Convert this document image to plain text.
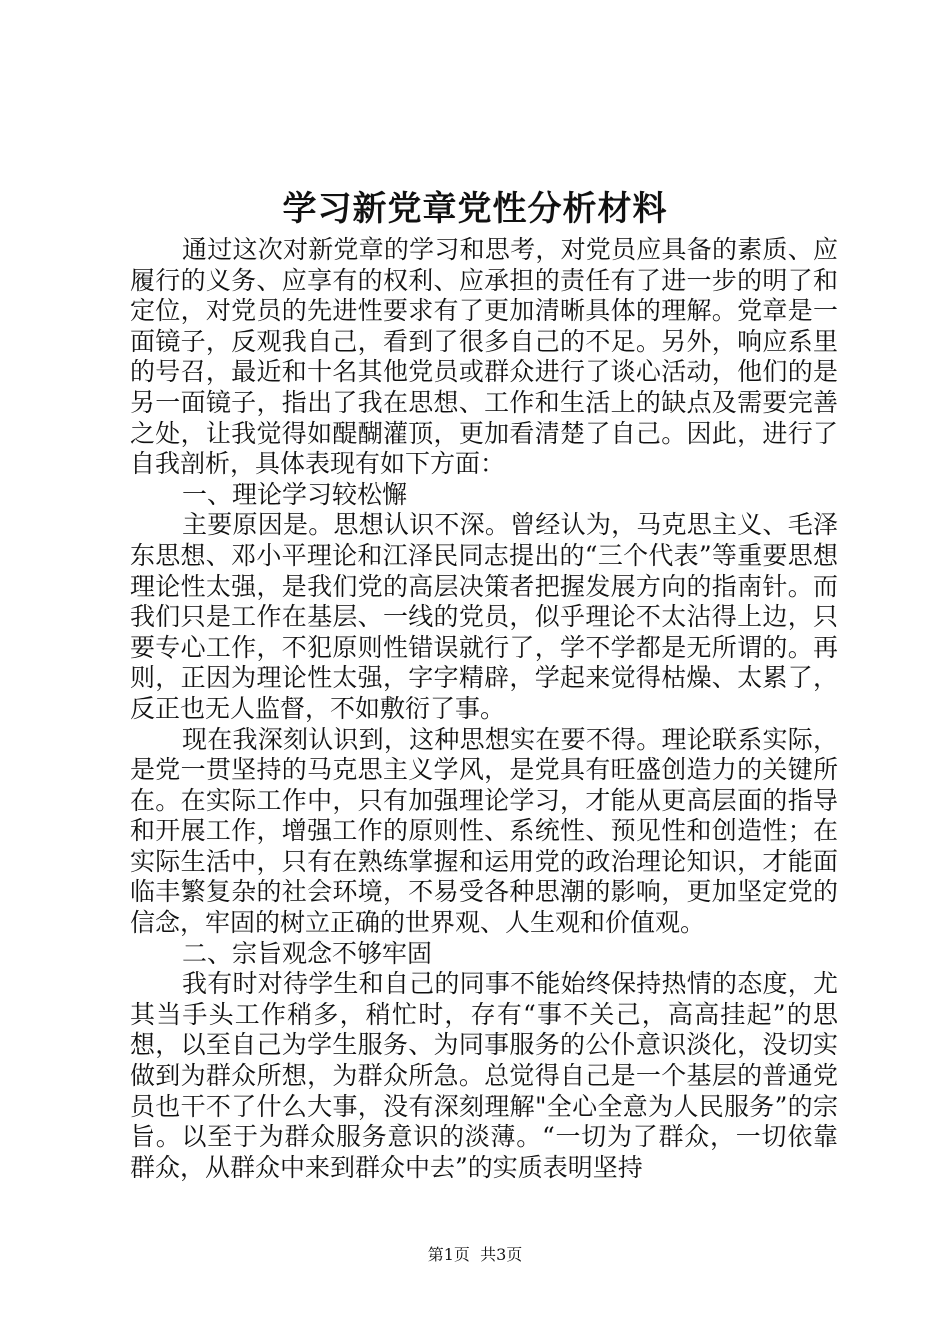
学习新党章党性分析材料

通过这次对新党章的学习和思考，对党员应具备的素质、应履行的义务、应享有的权利、应承担的责任有了进一步的明了和定位，对党员的先进性要求有了更加清晰具体的理解。党章是一面镜子，反观我自己，看到了很多自己的不足。另外，响应系里的号召，最近和十名其他党员或群众进行了谈心活动，他们的是另一面镜子，指出了我在思想、工作和生活上的缺点及需要完善之处，让我觉得如醍醐灌顶，更加看清楚了自己。因此，进行了自我剖析，具体表现有如下方面：

一、理论学习较松懈

主要原因是。思想认识不深。曾经认为，马克思主义、毛泽东思想、邓小平理论和江泽民同志提出的“三个代表”等重要思想理论性太强，是我们党的高层决策者把握发展方向的指南针。而我们只是工作在基层、一线的党员，似乎理论不太沾得上边，只要专心工作，不犯原则性错误就行了，学不学都是无所谓的。再则，正因为理论性太强，字字精辟，学起来觉得枯燥、太累了，反正也无人监督，不如敷衍了事。

现在我深刻认识到，这种思想实在要不得。理论联系实际，是党一贯坚持的马克思主义学风，是党具有旺盛创造力的关键所在。在实际工作中，只有加强理论学习，才能从更高层面的指导和开展工作，增强工作的原则性、系统性、预见性和创造性；在实际生活中，只有在熟练掌握和运用党的政治理论知识，才能面临丰繁复杂的社会环境，不易受各种思潮的影响，更加坚定党的信念，牢固的树立正确的世界观、人生观和价值观。

二、宗旨观念不够牢固

我有时对待学生和自己的同事不能始终保持热情的态度，尤其当手头工作稍多，稍忙时，存有“事不关己，高高挂起”的思想，以至自己为学生服务、为同事服务的公仆意识淡化，没切实做到为群众所想，为群众所急。总觉得自己是一个基层的普通党员也干不了什么大事，没有深刻理解"全心全意为人民服务”的宗旨。以至于为群众服务意识的淡薄。“一切为了群众，一切依靠群众，从群众中来到群众中去”的实质表明坚持

第1页 共3页
